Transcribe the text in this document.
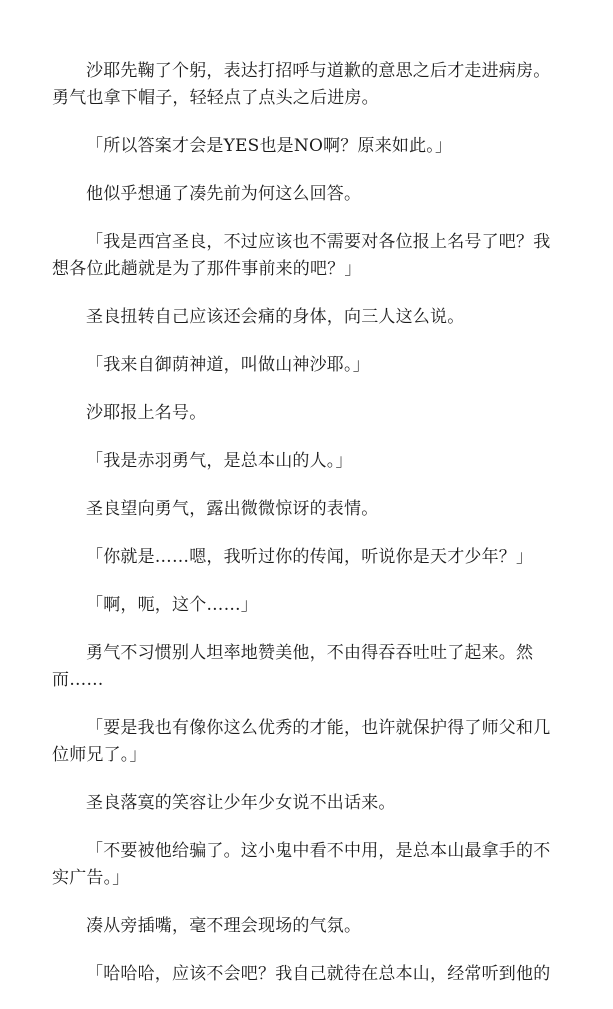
沙耶先鞠了个躬，表达打招呼与道歉的意思之后才走进病房。勇气也拿下帽子，轻轻点了点头之后进房。

「所以答案才会是YES也是NO啊？原来如此。」

他似乎想通了凑先前为何这么回答。

「我是西宫圣良，不过应该也不需要对各位报上名号了吧？我想各位此趟就是为了那件事前来的吧？」

圣良扭转自己应该还会痛的身体，向三人这么说。

「我来自御荫神道，叫做山神沙耶。」

沙耶报上名号。

「我是赤羽勇气，是总本山的人。」

圣良望向勇气，露出微微惊讶的表情。

「你就是……嗯，我听过你的传闻，听说你是天才少年？」

「啊，呃，这个……」

勇气不习惯别人坦率地赞美他，不由得吞吞吐吐了起来。然而……

「要是我也有像你这么优秀的才能，也许就保护得了师父和几位师兄了。」

圣良落寞的笑容让少年少女说不出话来。

「不要被他给骗了。这小鬼中看不中用，是总本山最拿手的不实广告。」

凑从旁插嘴，毫不理会现场的气氛。

「哈哈哈，应该不会吧？我自己就待在总本山，经常听到他的
